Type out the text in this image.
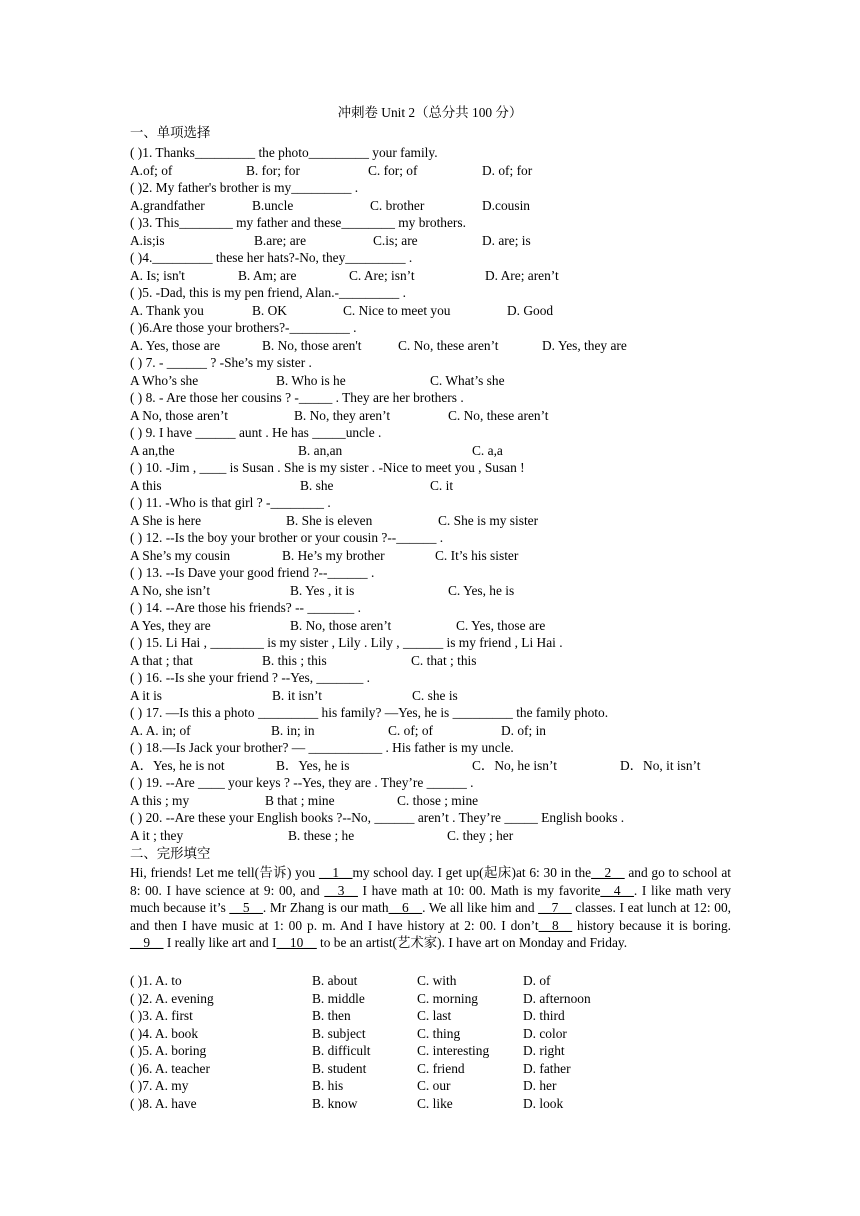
冲刺卷 Unit 2（总分共 100 分）
一、单项选择
( )1. Thanks_________ the photo_________ your family.
A.of; of	B. for; for	C. for; of	D. of; for
( )2. My father's brother is my_________ .
A.grandfather	B.uncle	C. brother	D.cousin
( )3. This________ my father and these________ my brothers.
A.is;is	B.are; are	C.is; are	D. are; is
( )4._________ these her hats?-No, they_________ .
A. Is; isn't	B. Am; are	C. Are; isn’t	D. Are; aren’t
( )5. -Dad, this is my pen friend, Alan.-_________ .
A. Thank you	B. OK	C. Nice to meet you	D. Good
( )6.Are those your brothers?-_________ .
A. Yes, those are	B. No, those aren't	C. No, these aren’t	D. Yes, they are
( ) 7. - ______ ? -She’s my sister .
A Who’s she	B. Who is he	C. What’s she
( ) 8. - Are those her cousins ? -_____ . They are her brothers .
A No, those aren’t	B. No, they aren’t	C. No, these aren’t
( ) 9. I have ______ aunt . He has _____uncle .
A an,the	B. an,an	C. a,a
( ) 10. -Jim , ____ is Susan . She is my sister . -Nice to meet you , Susan !
A this	B. she	C. it
( ) 11. -Who is that girl ? -________ .
A She is here	B. She is eleven	C. She is my sister
( ) 12. --Is the boy your brother or your cousin ?--______ .
A She’s my cousin	B. He’s my brother	C. It’s his sister
( ) 13. --Is Dave your good friend ?--______ .
A No, she isn’t	B. Yes , it is	C. Yes, he is
( ) 14. --Are those his friends? -- _______ .
A Yes, they are	B. No, those aren’t	C. Yes, those are
( ) 15. Li Hai , ________ is my sister , Lily . Lily , ______ is my friend , Li Hai .
A that ; that	B. this ; this	C. that ; this
( ) 16. --Is she your friend ? --Yes, _______ .
A it is	B. it isn’t	C. she is
( ) 17. —Is this a photo _________ his family? —Yes, he is _________ the family photo.
A. A. in; of	B. in; in	C. of; of	D. of; in
( ) 18.—Is Jack your brother? — ___________ . His father is my uncle.
A．Yes, he is not	B．Yes, he is	C．No, he isn’t	D．No, it isn’t
( ) 19. --Are ____ your keys ? --Yes, they are . They’re ______ .
A this ; my	B that ; mine	C. those ; mine
( ) 20. --Are these your English books ?--No, ______ aren’t . They’re _____ English books .
A it ; they	B. these ; he	C. they ; her
二、完形填空
Hi, friends! Let me tell(告诉) you __1__my school day. I get up(起床)at 6: 30 in the__2__ and go to school at 8: 00. I have science at 9: 00, and __3__ I have math at 10: 00. Math is my favorite__4__. I like math very much because it’s __5__. Mr Zhang is our math__6__. We all like him and __7__ classes. I eat lunch at 12: 00, and then I have music at 1: 00 p. m. And I have history at 2: 00. I don’t__8__ history because it is boring. __9__ I really like art and I__10__ to be an artist(艺术家). I have art on Monday and Friday.
( )1. A. to	B. about	C. with	D. of
( )2. A. evening	B. middle	C. morning	D. afternoon
( )3. A. first	B. then	C. last	D. third
( )4. A. book	B. subject	C. thing	D. color
( )5. A. boring	B. difficult	C. interesting	D. right
( )6. A. teacher	B. student	C. friend	D. father
( )7. A. my	B. his	C. our	D. her
( )8. A. have	B. know	C. like	D. look
